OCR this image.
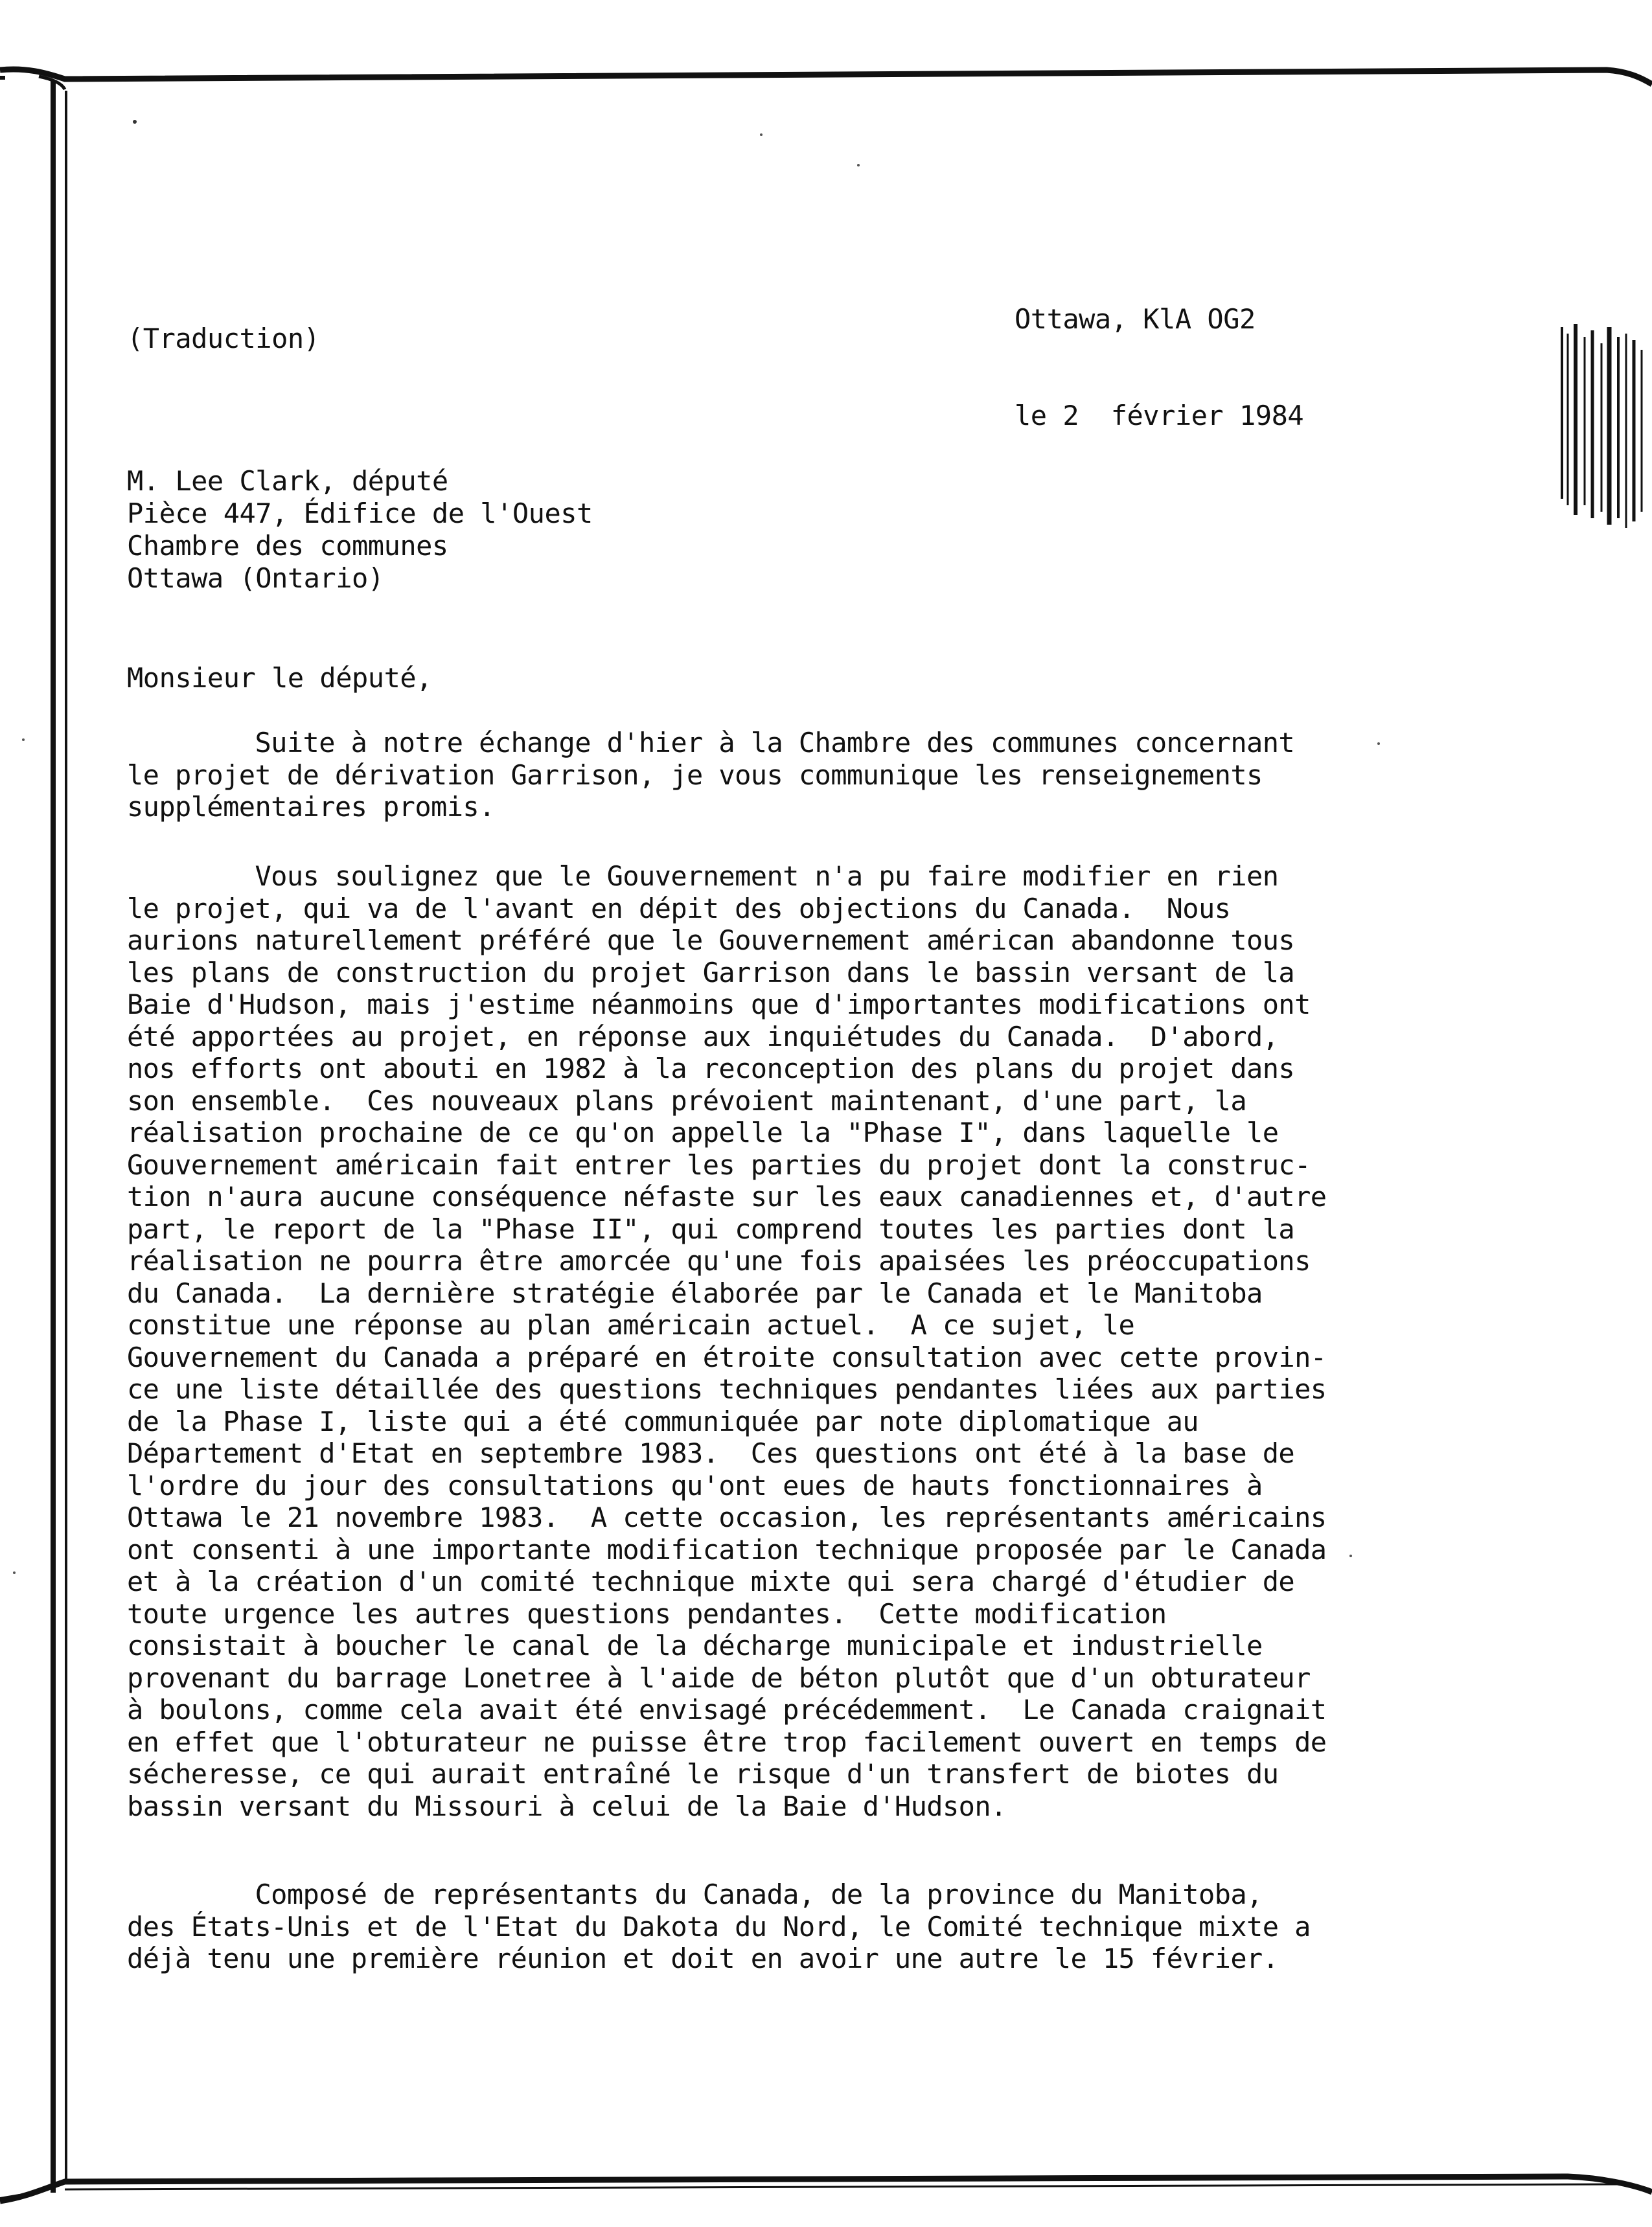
(Traduction)
Ottawa, KlA OG2
le 2  février 1984
M. Lee Clark, député
Pièce 447, Édifice de l'Ouest
Chambre des communes
Ottawa (Ontario)
Monsieur le député,
Suite à notre échange d'hier à la Chambre des communes concernant
le projet de dérivation Garrison, je vous communique les renseignements
supplémentaires promis.
Vous soulignez que le Gouvernement n'a pu faire modifier en rien
le projet, qui va de l'avant en dépit des objections du Canada.  Nous
aurions naturellement préféré que le Gouvernement américan abandonne tous
les plans de construction du projet Garrison dans le bassin versant de la
Baie d'Hudson, mais j'estime néanmoins que d'importantes modifications ont
été apportées au projet, en réponse aux inquiétudes du Canada.  D'abord,
nos efforts ont abouti en 1982 à la reconception des plans du projet dans
son ensemble.  Ces nouveaux plans prévoient maintenant, d'une part, la
réalisation prochaine de ce qu'on appelle la "Phase I", dans laquelle le
Gouvernement américain fait entrer les parties du projet dont la construc-
tion n'aura aucune conséquence néfaste sur les eaux canadiennes et, d'autre
part, le report de la "Phase II", qui comprend toutes les parties dont la
réalisation ne pourra être amorcée qu'une fois apaisées les préoccupations
du Canada.  La dernière stratégie élaborée par le Canada et le Manitoba
constitue une réponse au plan américain actuel.  A ce sujet, le
Gouvernement du Canada a préparé en étroite consultation avec cette provin-
ce une liste détaillée des questions techniques pendantes liées aux parties
de la Phase I, liste qui a été communiquée par note diplomatique au
Département d'Etat en septembre 1983.  Ces questions ont été à la base de
l'ordre du jour des consultations qu'ont eues de hauts fonctionnaires à
Ottawa le 21 novembre 1983.  A cette occasion, les représentants américains
ont consenti à une importante modification technique proposée par le Canada
et à la création d'un comité technique mixte qui sera chargé d'étudier de
toute urgence les autres questions pendantes.  Cette modification
consistait à boucher le canal de la décharge municipale et industrielle
provenant du barrage Lonetree à l'aide de béton plutôt que d'un obturateur
à boulons, comme cela avait été envisagé précédemment.  Le Canada craignait
en effet que l'obturateur ne puisse être trop facilement ouvert en temps de
sécheresse, ce qui aurait entraîné le risque d'un transfert de biotes du
bassin versant du Missouri à celui de la Baie d'Hudson.
Composé de représentants du Canada, de la province du Manitoba,
des États-Unis et de l'Etat du Dakota du Nord, le Comité technique mixte a
déjà tenu une première réunion et doit en avoir une autre le 15 février.
